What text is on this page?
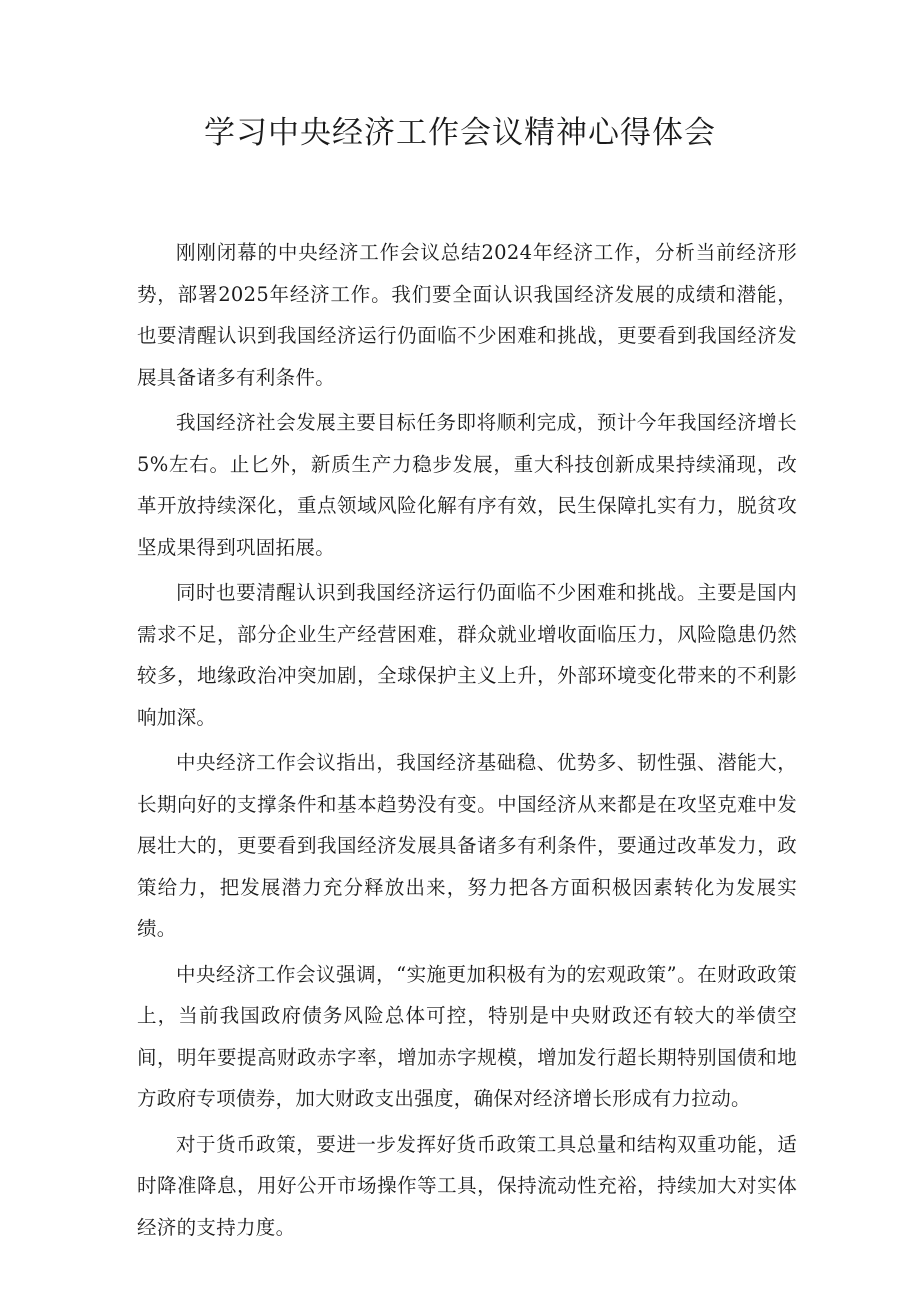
学习中央经济工作会议精神心得体会

刚刚闭幕的中央经济工作会议总结2024年经济工作，分析当前经济形势，部署2025年经济工作。我们要全面认识我国经济发展的成绩和潜能，也要清醒认识到我国经济运行仍面临不少困难和挑战，更要看到我国经济发展具备诸多有利条件。

我国经济社会发展主要目标任务即将顺利完成，预计今年我国经济增长5%左右。止匕外，新质生产力稳步发展，重大科技创新成果持续涌现，改革开放持续深化，重点领域风险化解有序有效，民生保障扎实有力，脱贫攻坚成果得到巩固拓展。

同时也要清醒认识到我国经济运行仍面临不少困难和挑战。主要是国内需求不足，部分企业生产经营困难，群众就业增收面临压力，风险隐患仍然较多，地缘政治冲突加剧，全球保护主义上升，外部环境变化带来的不利影响加深。

中央经济工作会议指出，我国经济基础稳、优势多、韧性强、潜能大，长期向好的支撑条件和基本趋势没有变。中国经济从来都是在攻坚克难中发展壮大的，更要看到我国经济发展具备诸多有利条件，要通过改革发力，政策给力，把发展潜力充分释放出来，努力把各方面积极因素转化为发展实绩。

中央经济工作会议强调，“实施更加积极有为的宏观政策”。在财政政策上，当前我国政府债务风险总体可控，特别是中央财政还有较大的举债空间，明年要提高财政赤字率，增加赤字规模，增加发行超长期特别国债和地方政府专项债券，加大财政支出强度，确保对经济增长形成有力拉动。

对于货币政策，要进一步发挥好货币政策工具总量和结构双重功能，适时降准降息，用好公开市场操作等工具，保持流动性充裕，持续加大对实体经济的支持力度。
